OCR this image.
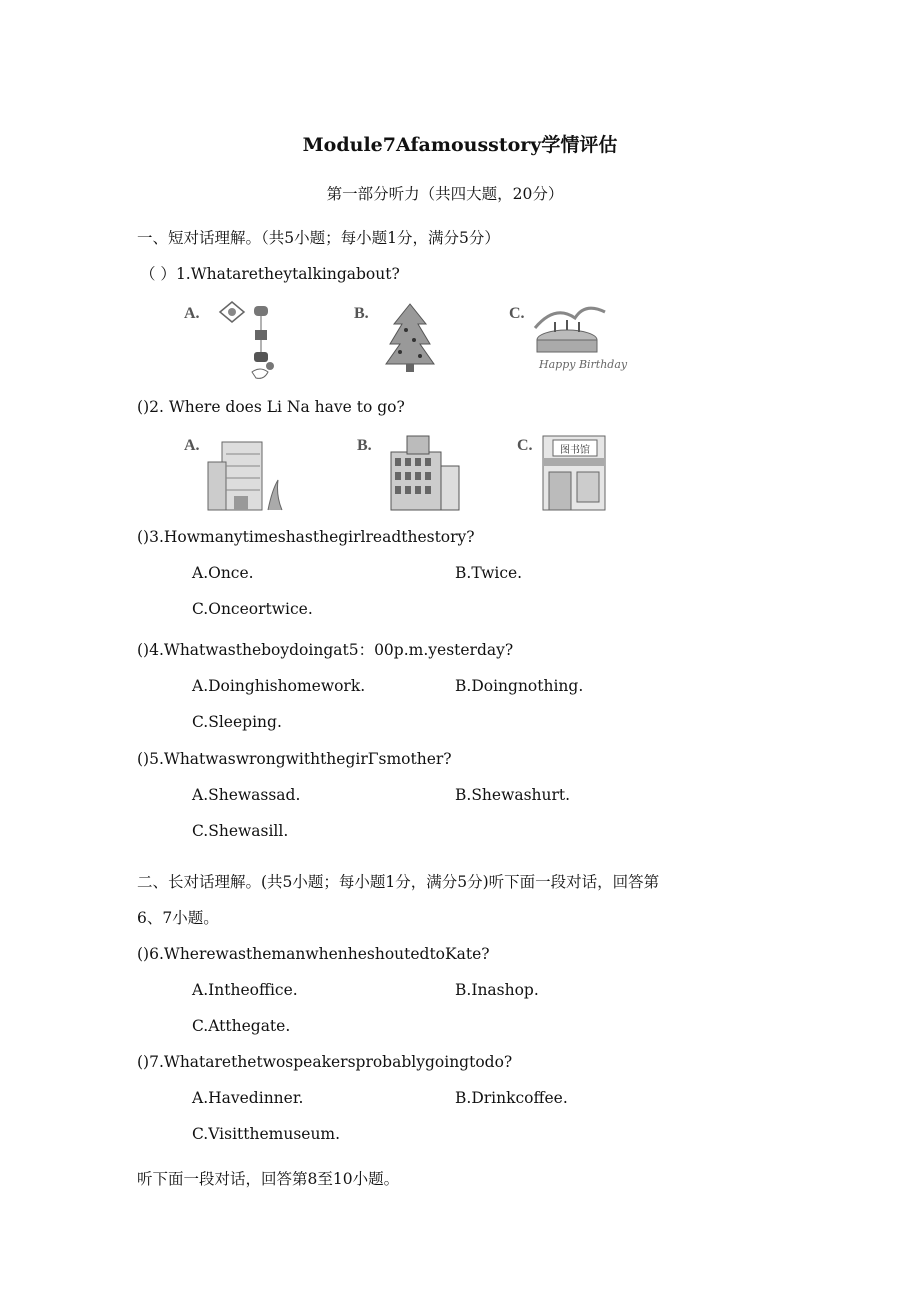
Module7Afamousstory学情评估
第一部分听力（共四大题，20分）
一、短对话理解。（共5小题；每小题1分，满分5分）
（ ）1.Whataretheytalkingabout?
A.	B.	C.
Happy Birthday
()2. Where does Li Na have to go?
A.	B.	C.	图书馆
()3.Howmanytimeshasthegirlreadthestory?
A.Once.	B.Twice.
C.Onceortwice.
()4.Whatwastheboydoingat5：00p.m.yesterday?
A.Doinghishomework.	B.Doingnothing.
C.Sleeping.
()5.WhatwaswrongwiththegirΓsmother?
A.Shewassad.	B.Shewashurt.
C.Shewasill.
二、长对话理解。(共5小题；每小题1分，满分5分)听下面一段对话，回答第
6、7小题。
()6.WherewasthemanwhenheshoutedtoKate?
A.Intheoffice.	B.Inashop.
C.Atthegate.
()7.Whatarethetwospeakersprobablygoingtodo?
A.Havedinner.	B.Drinkcoffee.
C.Visitthemuseum.
听下面一段对话，回答第8至10小题。
